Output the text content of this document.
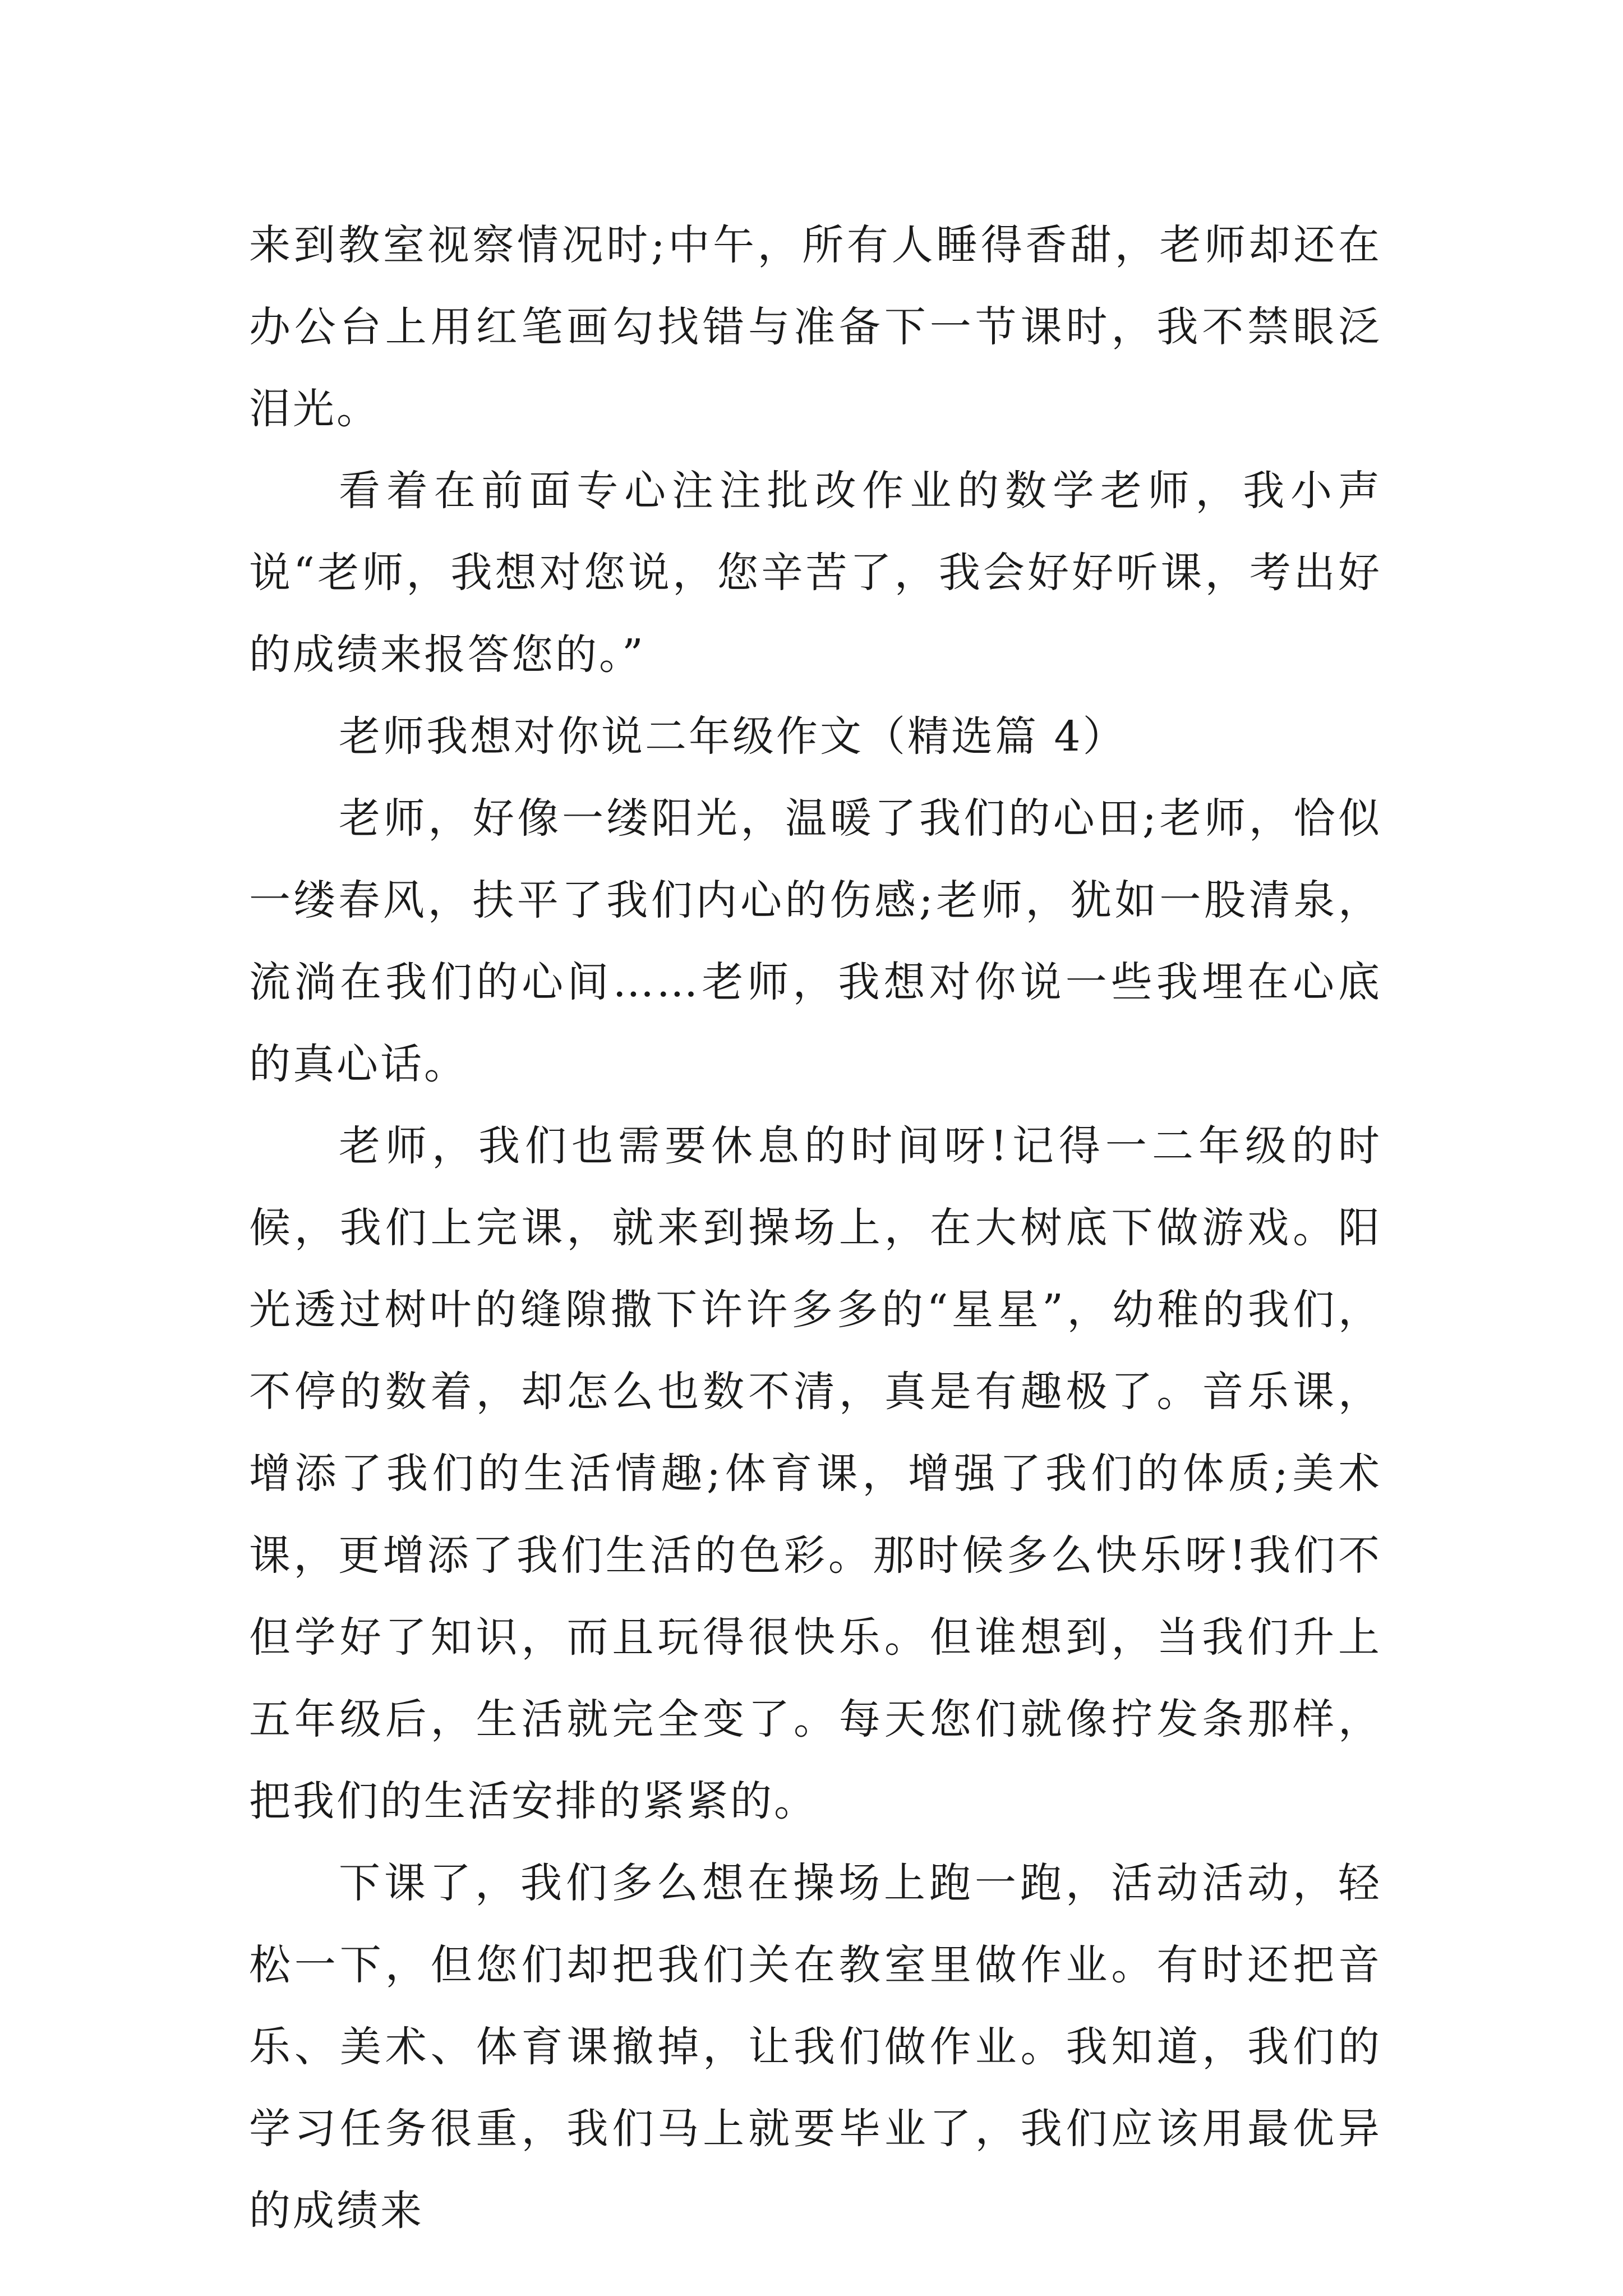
来到教室视察情况时;中午，所有人睡得香甜，老师却还在办公台上用红笔画勾找错与准备下一节课时，我不禁眼泛泪光。

看着在前面专心注注批改作业的数学老师，我小声说“老师，我想对您说，您辛苦了，我会好好听课，考出好的成绩来报答您的。”

老师我想对你说二年级作文（精选篇 4）

老师，好像一缕阳光，温暖了我们的心田;老师，恰似一缕春风，扶平了我们内心的伤感;老师，犹如一股清泉，流淌在我们的心间……老师，我想对你说一些我埋在心底的真心话。

老师，我们也需要休息的时间呀!记得一二年级的时候，我们上完课，就来到操场上，在大树底下做游戏。阳光透过树叶的缝隙撒下许许多多的“星星”，幼稚的我们，不停的数着，却怎么也数不清，真是有趣极了。音乐课，增添了我们的生活情趣;体育课，增强了我们的体质;美术课，更增添了我们生活的色彩。那时候多么快乐呀!我们不但学好了知识，而且玩得很快乐。但谁想到，当我们升上五年级后，生活就完全变了。每天您们就像拧发条那样，把我们的生活安排的紧紧的。

下课了，我们多么想在操场上跑一跑，活动活动，轻松一下，但您们却把我们关在教室里做作业。有时还把音乐、美术、体育课撤掉，让我们做作业。我知道，我们的学习任务很重，我们马上就要毕业了，我们应该用最优异的成绩来
